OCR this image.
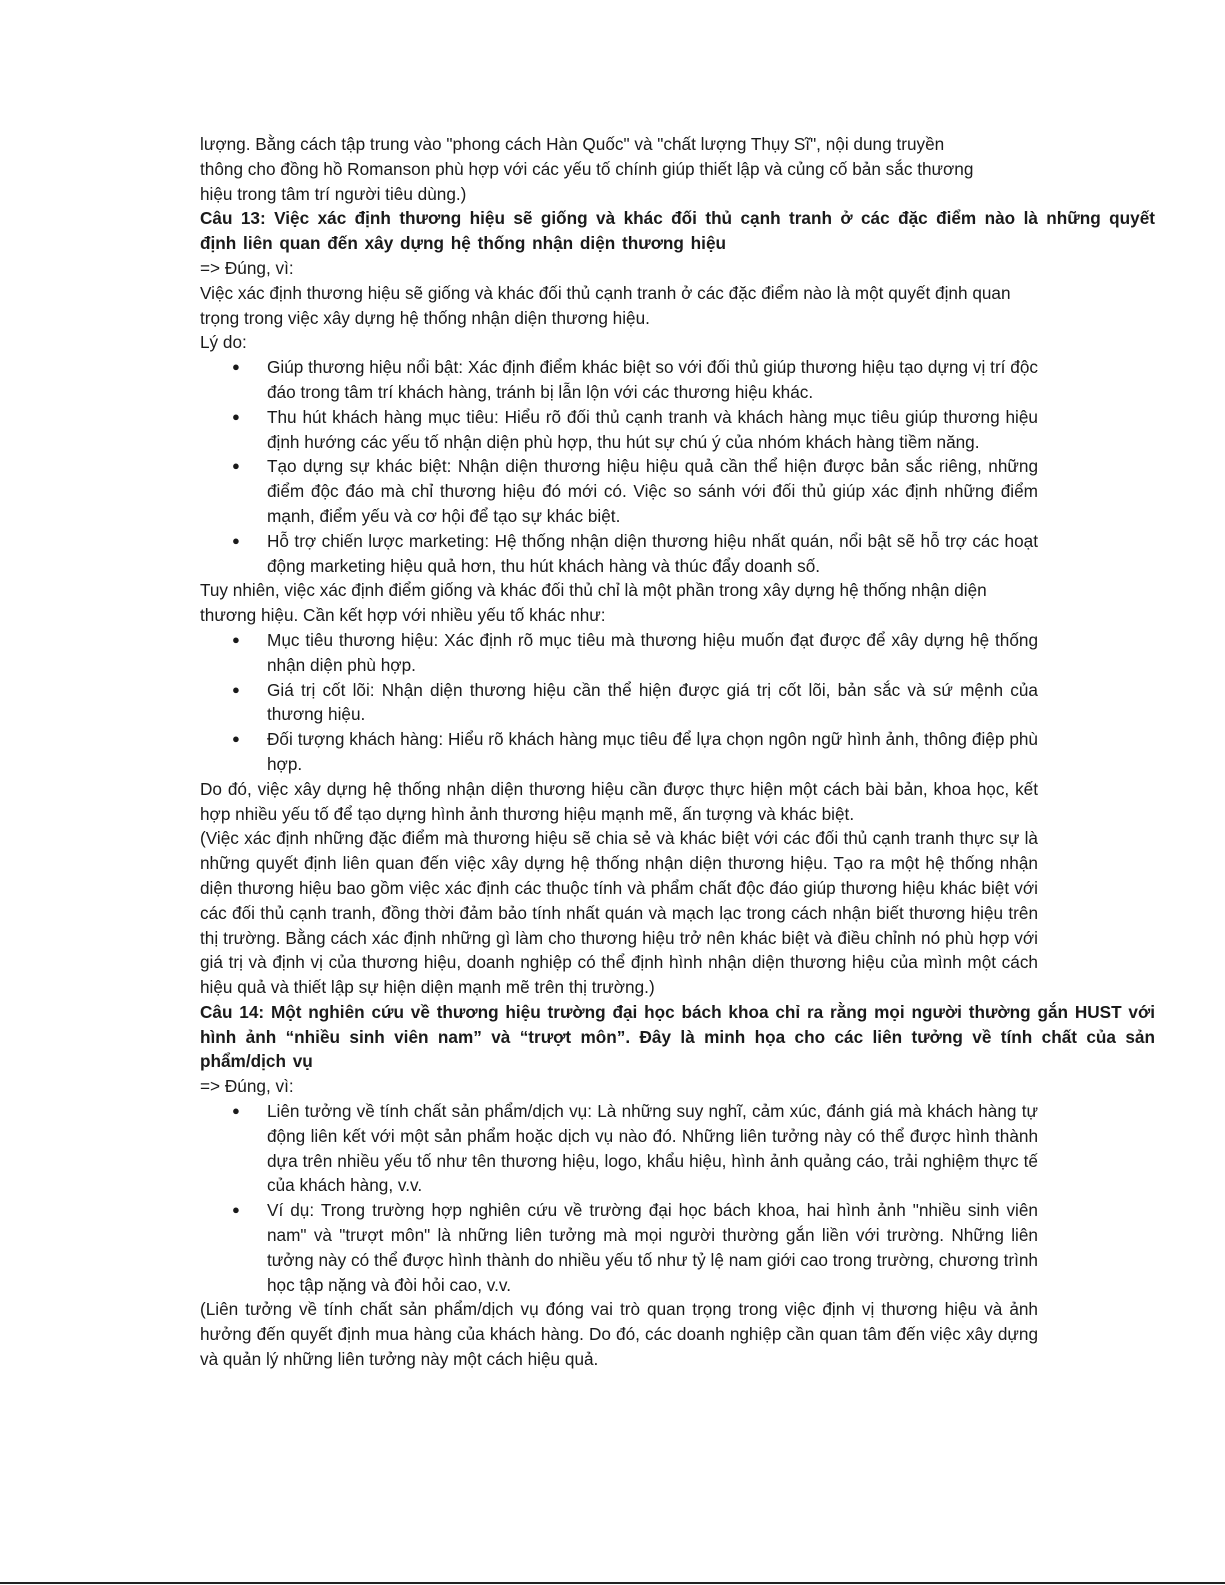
lượng. Bằng cách tập trung vào "phong cách Hàn Quốc" và "chất lượng Thụy Sĩ", nội dung truyền

thông cho đồng hồ Romanson phù hợp với các yếu tố chính giúp thiết lập và củng cố bản sắc thương

hiệu trong tâm trí người tiêu dùng.)

Câu 13: Việc xác định thương hiệu sẽ giống và khác đối thủ cạnh tranh ở các đặc điểm nào là những quyết định liên quan đến xây dựng hệ thống nhận diện thương hiệu

=> Đúng, vì:

Việc xác định thương hiệu sẽ giống và khác đối thủ cạnh tranh ở các đặc điểm nào là một quyết định quan trọng trong việc xây dựng hệ thống nhận diện thương hiệu.

Lý do:

● Giúp thương hiệu nổi bật: Xác định điểm khác biệt so với đối thủ giúp thương hiệu tạo dựng vị trí độc đáo trong tâm trí khách hàng, tránh bị lẫn lộn với các thương hiệu khác.
● Thu hút khách hàng mục tiêu: Hiểu rõ đối thủ cạnh tranh và khách hàng mục tiêu giúp thương hiệu định hướng các yếu tố nhận diện phù hợp, thu hút sự chú ý của nhóm khách hàng tiềm năng.
● Tạo dựng sự khác biệt: Nhận diện thương hiệu hiệu quả cần thể hiện được bản sắc riêng, những điểm độc đáo mà chỉ thương hiệu đó mới có. Việc so sánh với đối thủ giúp xác định những điểm mạnh, điểm yếu và cơ hội để tạo sự khác biệt.
● Hỗ trợ chiến lược marketing: Hệ thống nhận diện thương hiệu nhất quán, nổi bật sẽ hỗ trợ các hoạt động marketing hiệu quả hơn, thu hút khách hàng và thúc đẩy doanh số.

Tuy nhiên, việc xác định điểm giống và khác đối thủ chỉ là một phần trong xây dựng hệ thống nhận diện thương hiệu. Cần kết hợp với nhiều yếu tố khác như:

● Mục tiêu thương hiệu: Xác định rõ mục tiêu mà thương hiệu muốn đạt được để xây dựng hệ thống nhận diện phù hợp.
● Giá trị cốt lõi: Nhận diện thương hiệu cần thể hiện được giá trị cốt lõi, bản sắc và sứ mệnh của thương hiệu.
● Đối tượng khách hàng: Hiểu rõ khách hàng mục tiêu để lựa chọn ngôn ngữ hình ảnh, thông điệp phù hợp.

Do đó, việc xây dựng hệ thống nhận diện thương hiệu cần được thực hiện một cách bài bản, khoa học, kết hợp nhiều yếu tố để tạo dựng hình ảnh thương hiệu mạnh mẽ, ấn tượng và khác biệt.

(Việc xác định những đặc điểm mà thương hiệu sẽ chia sẻ và khác biệt với các đối thủ cạnh tranh thực sự là những quyết định liên quan đến việc xây dựng hệ thống nhận diện thương hiệu. Tạo ra một hệ thống nhận diện thương hiệu bao gồm việc xác định các thuộc tính và phẩm chất độc đáo giúp thương hiệu khác biệt với các đối thủ cạnh tranh, đồng thời đảm bảo tính nhất quán và mạch lạc trong cách nhận biết thương hiệu trên thị trường. Bằng cách xác định những gì làm cho thương hiệu trở nên khác biệt và điều chỉnh nó phù hợp với giá trị và định vị của thương hiệu, doanh nghiệp có thể định hình nhận diện thương hiệu của mình một cách hiệu quả và thiết lập sự hiện diện mạnh mẽ trên thị trường.)

Câu 14: Một nghiên cứu về thương hiệu trường đại học bách khoa chỉ ra rằng mọi người thường gắn HUST với hình ảnh “nhiều sinh viên nam” và “trượt môn”. Đây là minh họa cho các liên tưởng về tính chất của sản phẩm/dịch vụ

=> Đúng, vì:

● Liên tưởng về tính chất sản phẩm/dịch vụ: Là những suy nghĩ, cảm xúc, đánh giá mà khách hàng tự động liên kết với một sản phẩm hoặc dịch vụ nào đó. Những liên tưởng này có thể được hình thành dựa trên nhiều yếu tố như tên thương hiệu, logo, khẩu hiệu, hình ảnh quảng cáo, trải nghiệm thực tế của khách hàng, v.v.
● Ví dụ: Trong trường hợp nghiên cứu về trường đại học bách khoa, hai hình ảnh "nhiều sinh viên nam" và "trượt môn" là những liên tưởng mà mọi người thường gắn liền với trường. Những liên tưởng này có thể được hình thành do nhiều yếu tố như tỷ lệ nam giới cao trong trường, chương trình học tập nặng và đòi hỏi cao, v.v.

(Liên tưởng về tính chất sản phẩm/dịch vụ đóng vai trò quan trọng trong việc định vị thương hiệu và ảnh hưởng đến quyết định mua hàng của khách hàng. Do đó, các doanh nghiệp cần quan tâm đến việc xây dựng và quản lý những liên tưởng này một cách hiệu quả.
